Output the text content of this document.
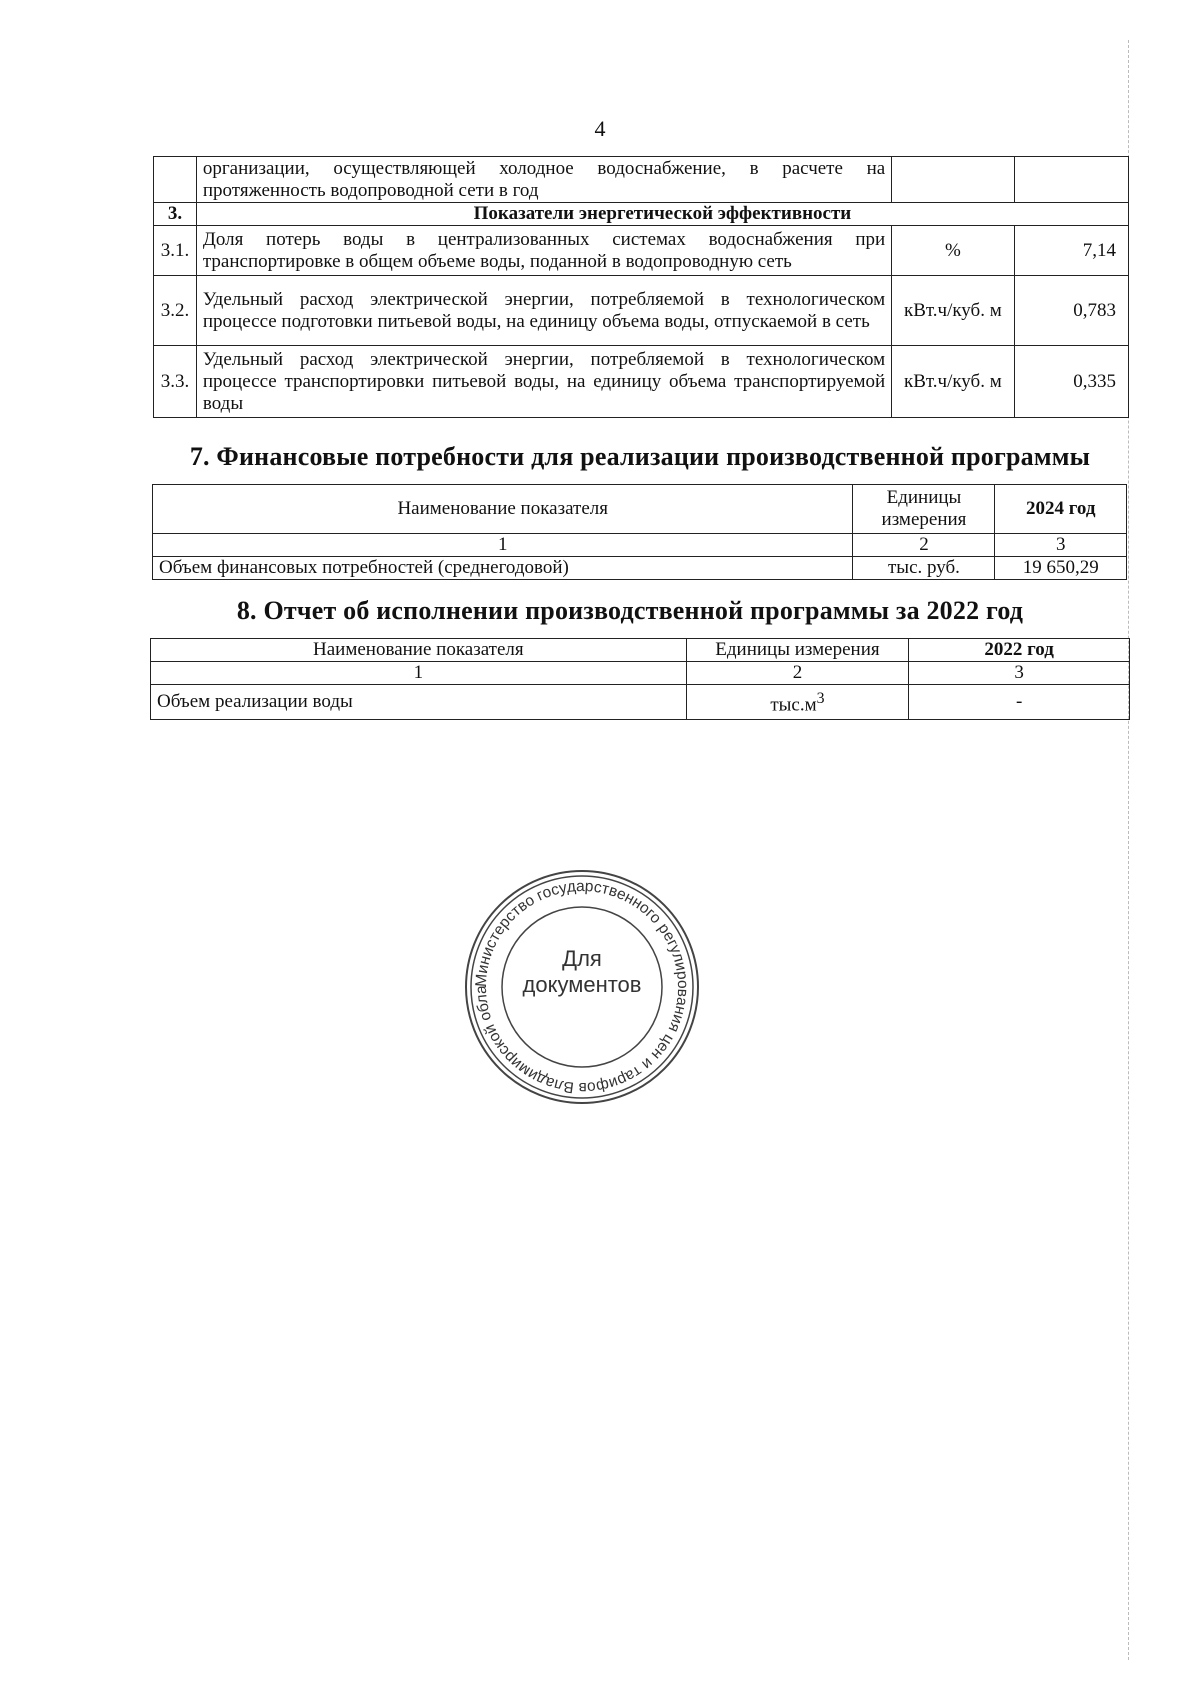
4
	организации, осуществляющей холодное водоснабжение, в расчете на протяженность водопроводной сети в год		
3.	Показатели энергетической эффективности		
3.1.	Доля потерь воды в централизованных системах водоснабжения при транспортировке в общем объеме воды, поданной в водопроводную сеть	%	7,14
3.2.	Удельный расход электрической энергии, потребляемой в технологическом процессе подготовки питьевой воды, на единицу объема воды, отпускаемой в сеть	кВт.ч/куб. м	0,783
3.3.	Удельный расход электрической энергии, потребляемой в технологическом процессе транспортировки питьевой воды, на единицу объема транспортируемой воды	кВт.ч/куб. м	0,335
7. Финансовые потребности для реализации производственной программы
Наименование показателя	Единицы измерения	2024 год
1	2	3
Объем финансовых потребностей (среднегодовой)	тыс. руб.	19 650,29
8. Отчет об исполнении производственной программы за 2022 год
Наименование показателя	Единицы измерения	2022 год
1	2	3
Объем реализации воды	$тыс.м^3$	-
Министерство государственного регулирования цен и тарифов Владимирской обла
Для
документов
